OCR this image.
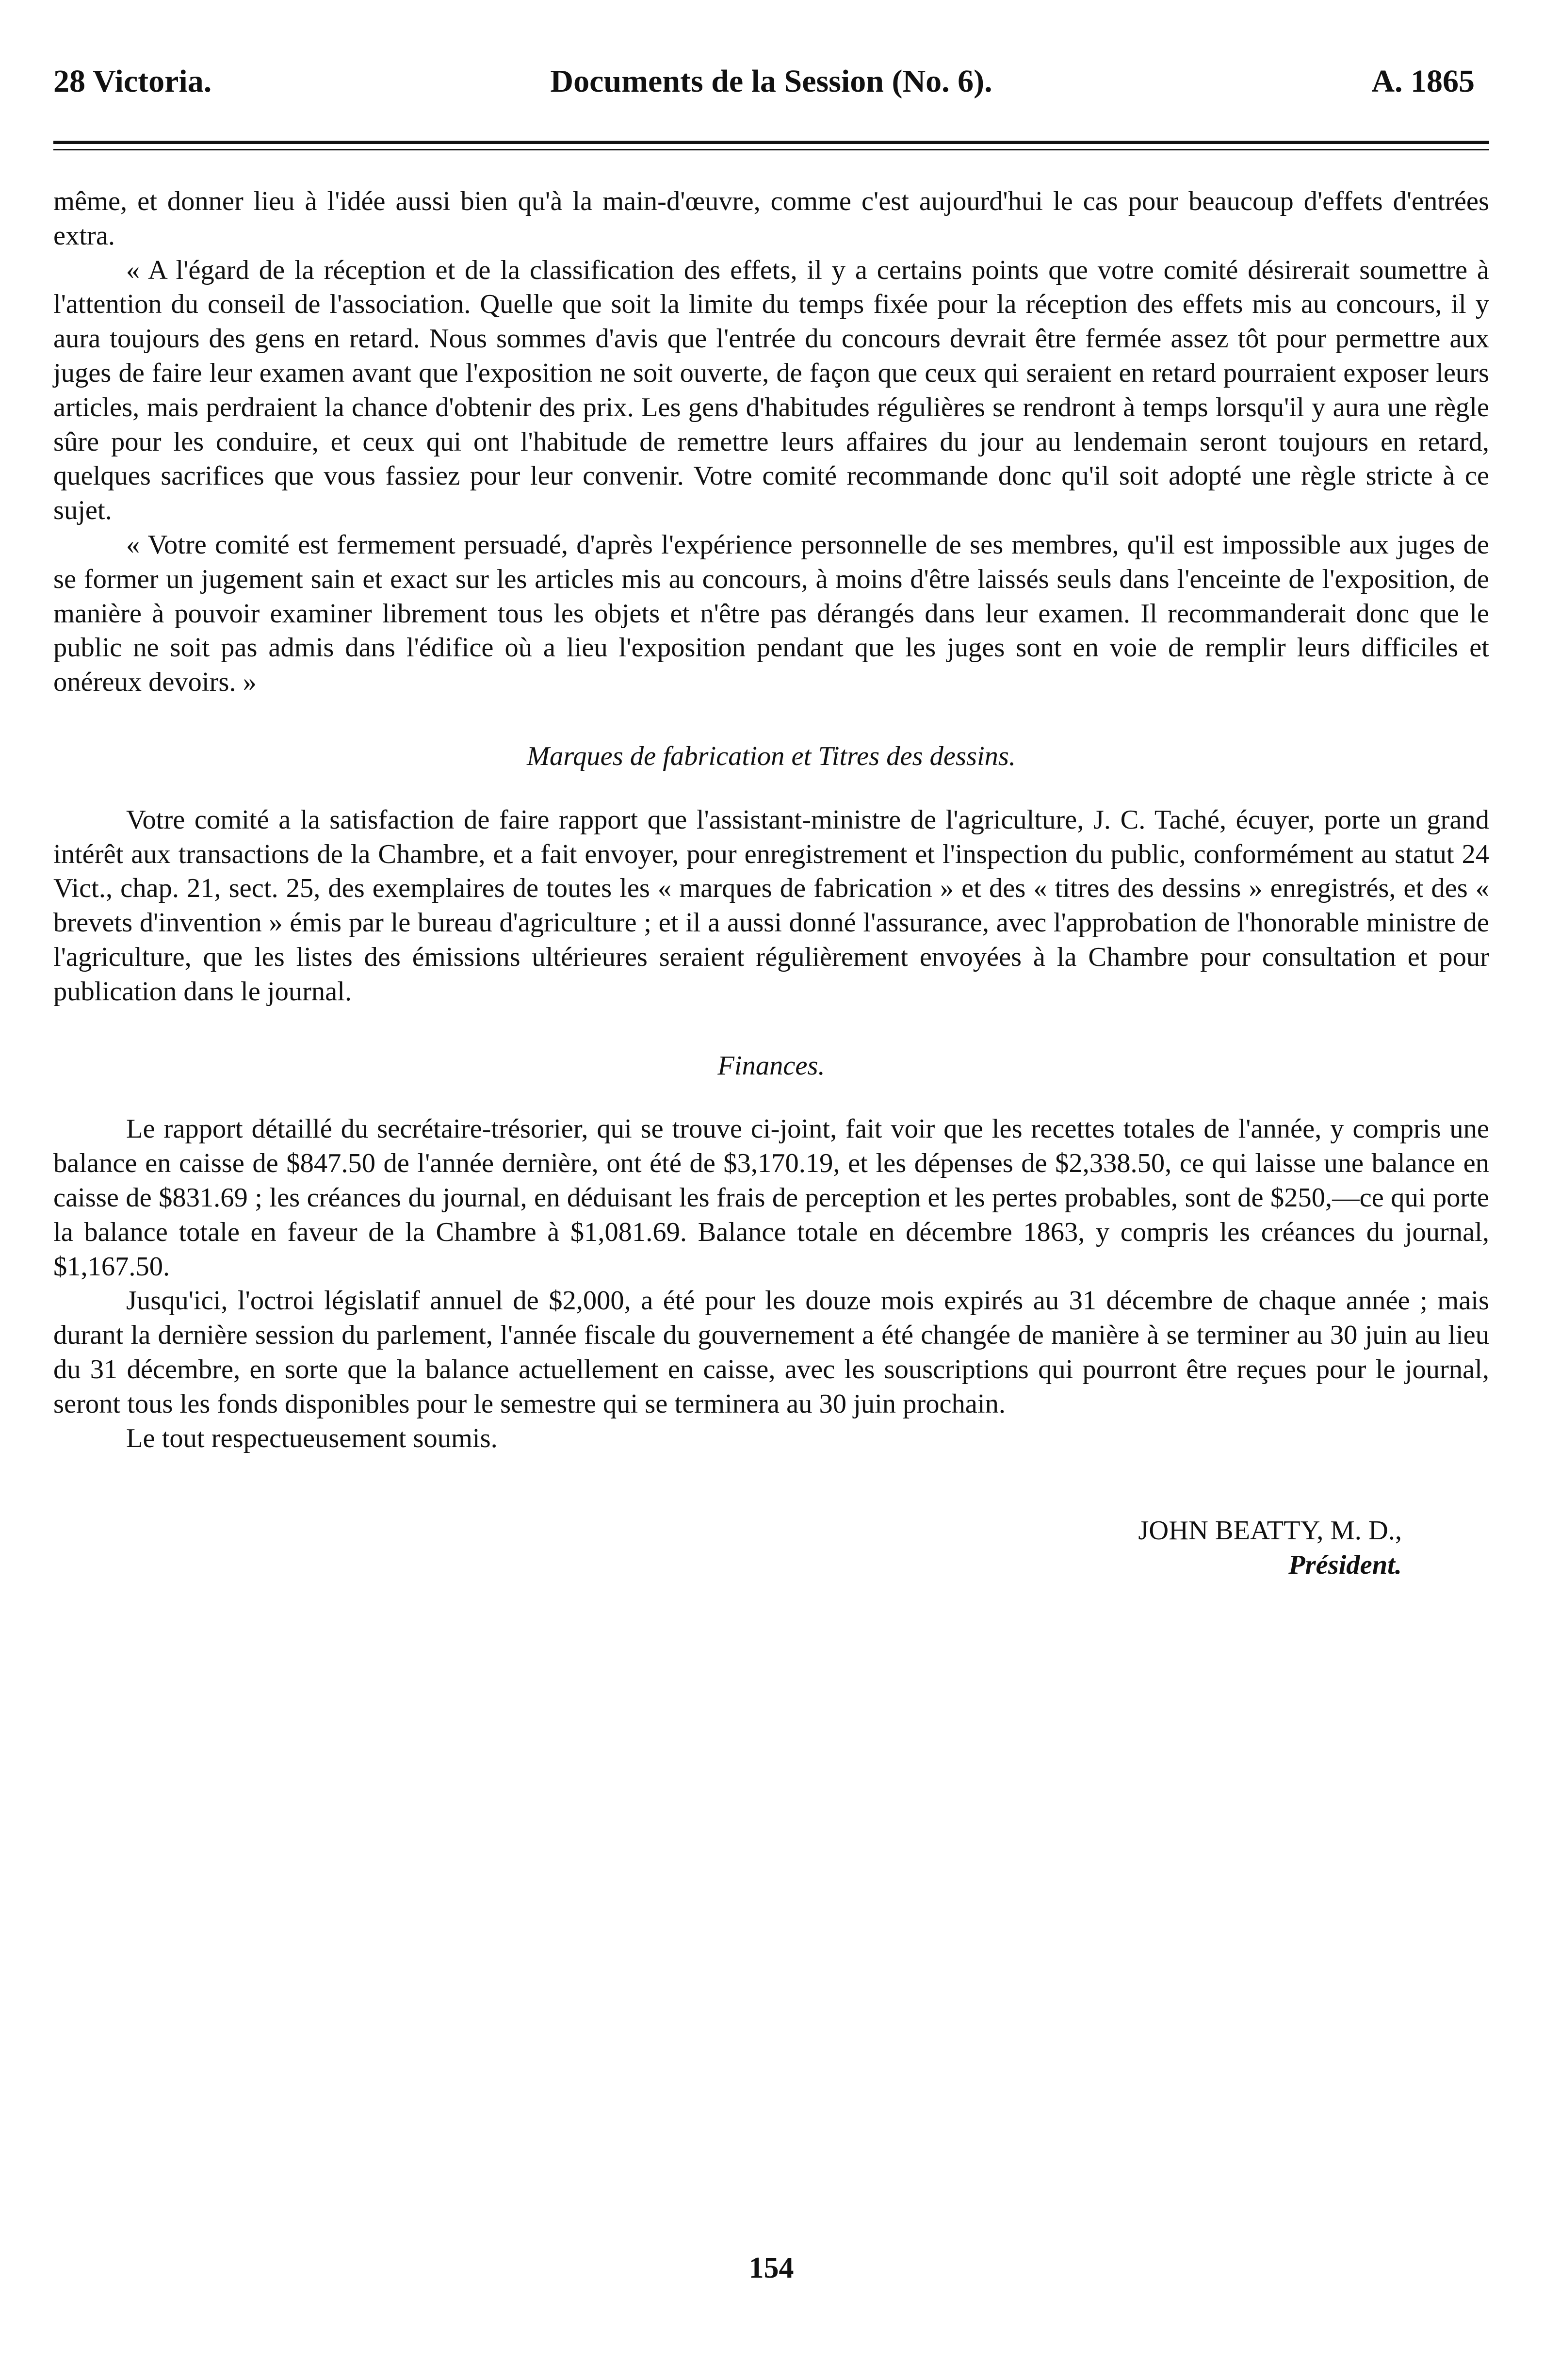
28 Victoria.	Documents de la Session (No. 6).	A. 1865

même, et donner lieu à l'idée aussi bien qu'à la main-d'œuvre, comme c'est aujourd'hui le cas pour beaucoup d'effets d'entrées extra.

« A l'égard de la réception et de la classification des effets, il y a certains points que votre comité désirerait soumettre à l'attention du conseil de l'association. Quelle que soit la limite du temps fixée pour la réception des effets mis au concours, il y aura toujours des gens en retard. Nous sommes d'avis que l'entrée du concours devrait être fermée assez tôt pour permettre aux juges de faire leur examen avant que l'exposition ne soit ouverte, de façon que ceux qui seraient en retard pourraient exposer leurs articles, mais perdraient la chance d'obtenir des prix. Les gens d'habitudes régulières se rendront à temps lorsqu'il y aura une règle sûre pour les conduire, et ceux qui ont l'habitude de remettre leurs affaires du jour au lendemain seront toujours en retard, quelques sacrifices que vous fassiez pour leur convenir. Votre comité recommande donc qu'il soit adopté une règle stricte à ce sujet.

« Votre comité est fermement persuadé, d'après l'expérience personnelle de ses membres, qu'il est impossible aux juges de se former un jugement sain et exact sur les articles mis au concours, à moins d'être laissés seuls dans l'enceinte de l'exposition, de manière à pouvoir examiner librement tous les objets et n'être pas dérangés dans leur examen. Il recommanderait donc que le public ne soit pas admis dans l'édifice où a lieu l'exposition pendant que les juges sont en voie de remplir leurs difficiles et onéreux devoirs. »

Marques de fabrication et Titres des dessins.

Votre comité a la satisfaction de faire rapport que l'assistant-ministre de l'agriculture, J. C. Taché, écuyer, porte un grand intérêt aux transactions de la Chambre, et a fait envoyer, pour enregistrement et l'inspection du public, conformément au statut 24 Vict., chap. 21, sect. 25, des exemplaires de toutes les « marques de fabrication » et des « titres des dessins » enregistrés, et des « brevets d'invention » émis par le bureau d'agriculture ; et il a aussi donné l'assurance, avec l'approbation de l'honorable ministre de l'agriculture, que les listes des émissions ultérieures seraient régulièrement envoyées à la Chambre pour consultation et pour publication dans le journal.

Finances.

Le rapport détaillé du secrétaire-trésorier, qui se trouve ci-joint, fait voir que les recettes totales de l'année, y compris une balance en caisse de $847.50 de l'année dernière, ont été de $3,170.19, et les dépenses de $2,338.50, ce qui laisse une balance en caisse de $831.69 ; les créances du journal, en déduisant les frais de perception et les pertes probables, sont de $250,—ce qui porte la balance totale en faveur de la Chambre à $1,081.69. Balance totale en décembre 1863, y compris les créances du journal, $1,167.50.

Jusqu'ici, l'octroi législatif annuel de $2,000, a été pour les douze mois expirés au 31 décembre de chaque année ; mais durant la dernière session du parlement, l'année fiscale du gouvernement a été changée de manière à se terminer au 30 juin au lieu du 31 décembre, en sorte que la balance actuellement en caisse, avec les souscriptions qui pourront être reçues pour le journal, seront tous les fonds disponibles pour le semestre qui se terminera au 30 juin prochain.

Le tout respectueusement soumis.

JOHN BEATTY, M. D.,

Président.

154
